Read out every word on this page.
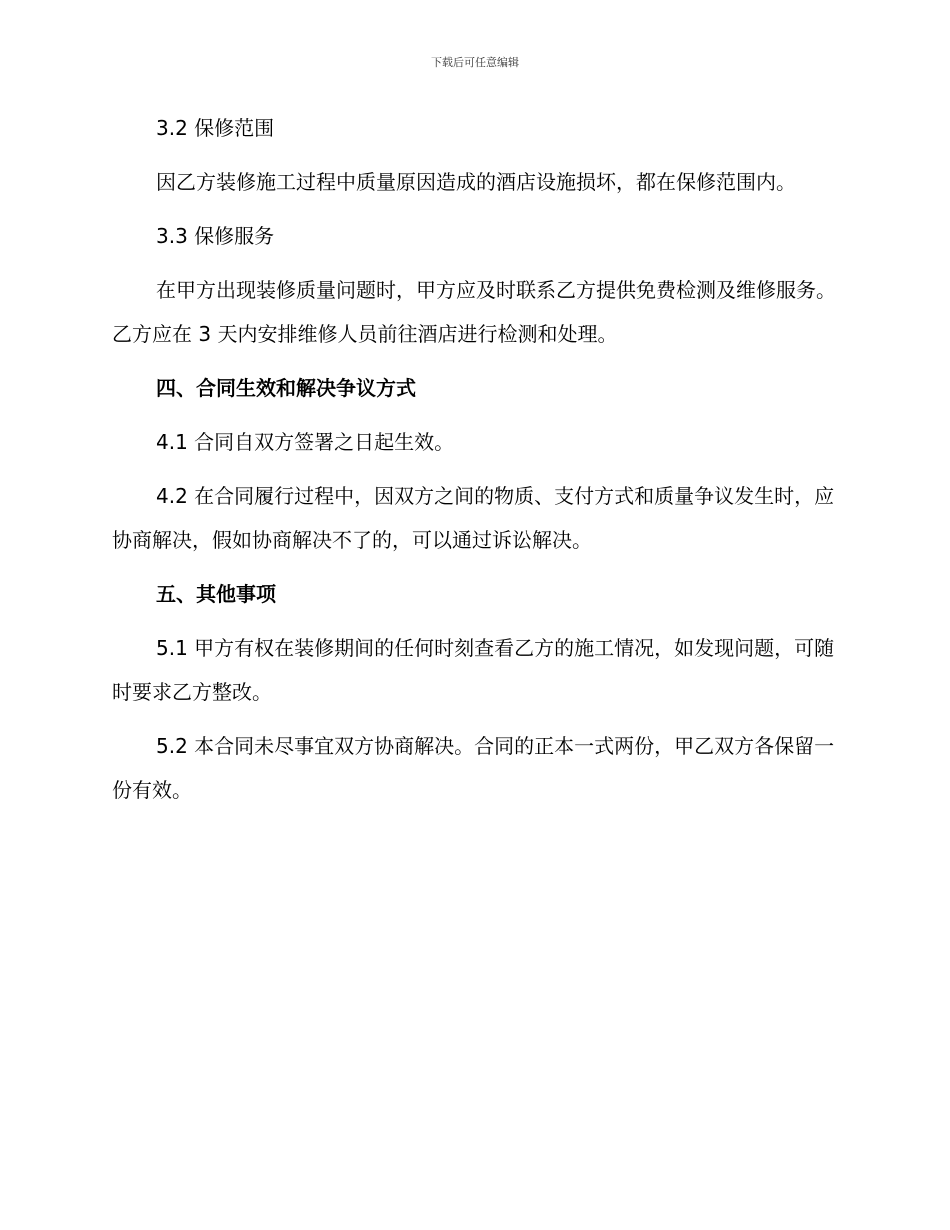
下载后可任意编辑

3.2 保修范围

因乙方装修施工过程中质量原因造成的酒店设施损坏，都在保修范围内。

3.3 保修服务

在甲方出现装修质量问题时，甲方应及时联系乙方提供免费检测及维修服务。乙方应在 3 天内安排维修人员前往酒店进行检测和处理。

四、合同生效和解决争议方式

4.1 合同自双方签署之日起生效。

4.2 在合同履行过程中，因双方之间的物质、支付方式和质量争议发生时，应协商解决，假如协商解决不了的，可以通过诉讼解决。

五、其他事项

5.1 甲方有权在装修期间的任何时刻查看乙方的施工情况，如发现问题，可随时要求乙方整改。

5.2 本合同未尽事宜双方协商解决。合同的正本一式两份，甲乙双方各保留一份有效。
